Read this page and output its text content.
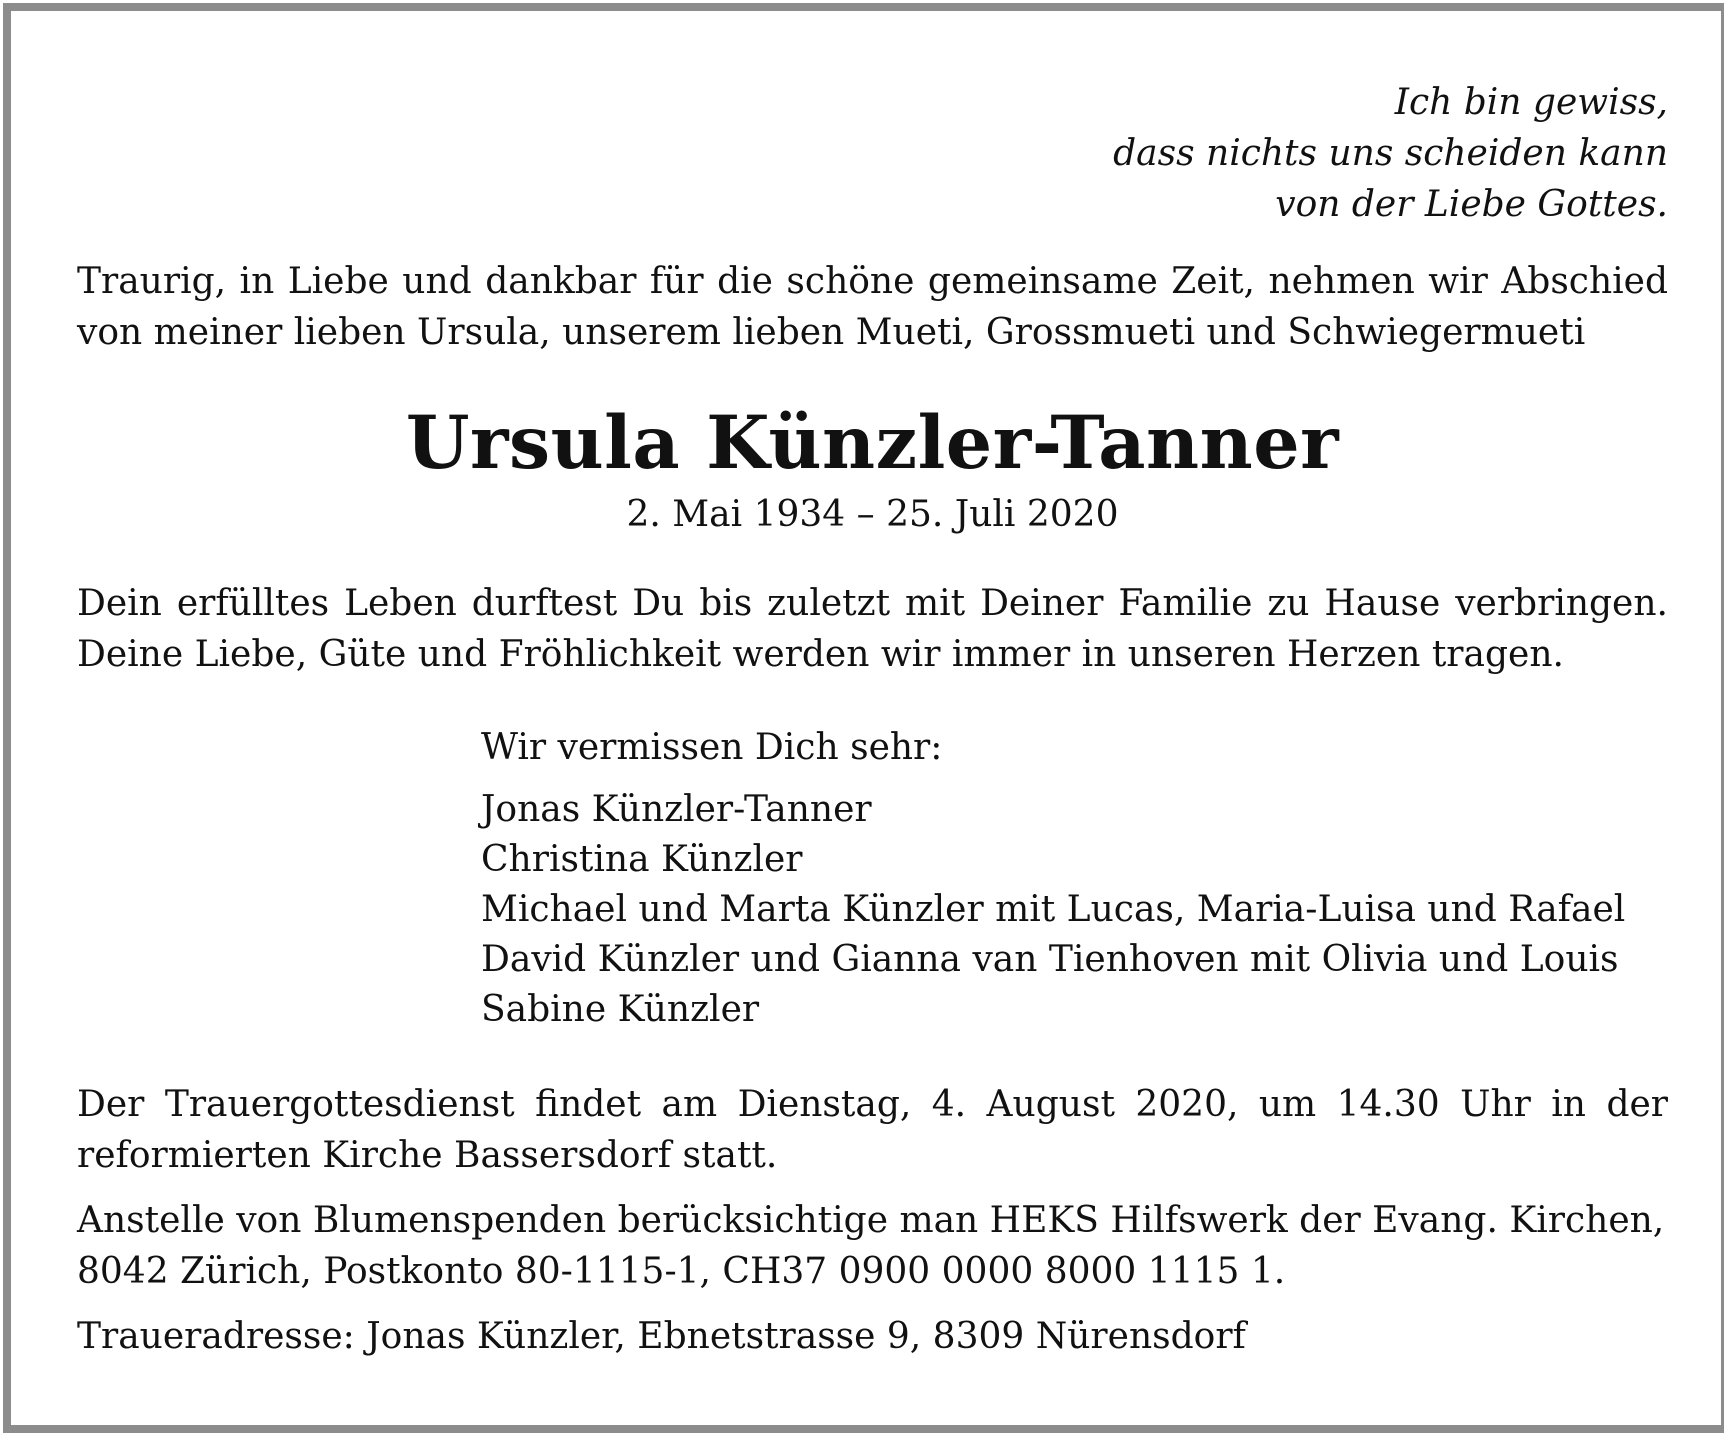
Ich bin gewiss,
dass nichts uns scheiden kann
von der Liebe Gottes.

Traurig, in Liebe und dankbar für die schöne gemeinsame Zeit, nehmen wir Abschied von meiner lieben Ursula, unserem lieben Mueti, Grossmueti und Schwiegermueti

Ursula Künzler-Tanner

2. Mai 1934 – 25. Juli 2020

Dein erfülltes Leben durftest Du bis zuletzt mit Deiner Familie zu Hause verbringen. Deine Liebe, Güte und Fröhlichkeit werden wir immer in unseren Herzen tragen.

Wir vermissen Dich sehr:

Jonas Künzler-Tanner

Christina Künzler

Michael und Marta Künzler mit Lucas, Maria-Luisa und Rafael

David Künzler und Gianna van Tienhoven mit Olivia und Louis

Sabine Künzler

Der Trauergottesdienst findet am Dienstag, 4. August 2020, um 14.30 Uhr in der reformierten Kirche Bassersdorf statt.

Anstelle von Blumenspenden berücksichtige man HEKS Hilfswerk der Evang. Kirchen,
8042 Zürich, Postkonto 80-1115-1, CH37 0900 0000 8000 1115 1.

Traueradresse: Jonas Künzler, Ebnetstrasse 9, 8309 Nürensdorf
